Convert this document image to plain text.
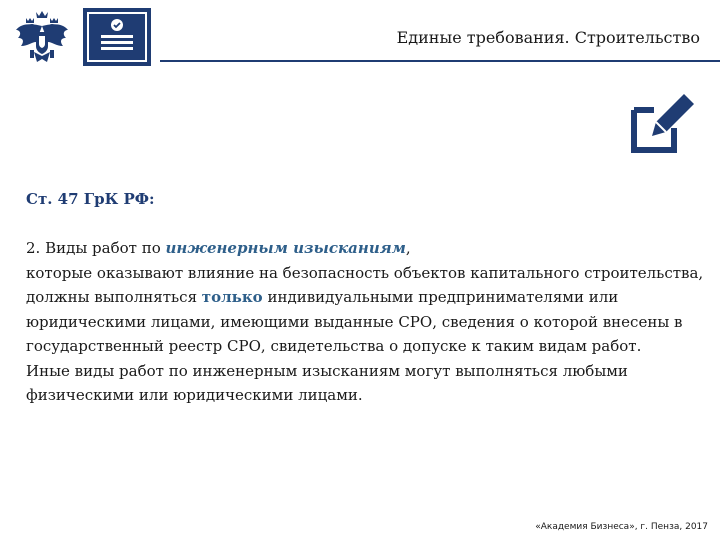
Единые требования. Строительство
Ст. 47 ГрК РФ:

2. Виды работ по инженерным изысканиям,

которые оказывают влияние на безопасность объектов капитального строительства,

должны выполняться только индивидуальными предпринимателями или юридическими лицами, имеющими выданные СРО, сведения о которой внесены в государственный реестр СРО, свидетельства о допуске к таким видам работ.

Иные виды работ по инженерным изысканиям могут выполняться любыми физическими или юридическими лицами.

«Академия Бизнеса», г. Пенза, 2017
